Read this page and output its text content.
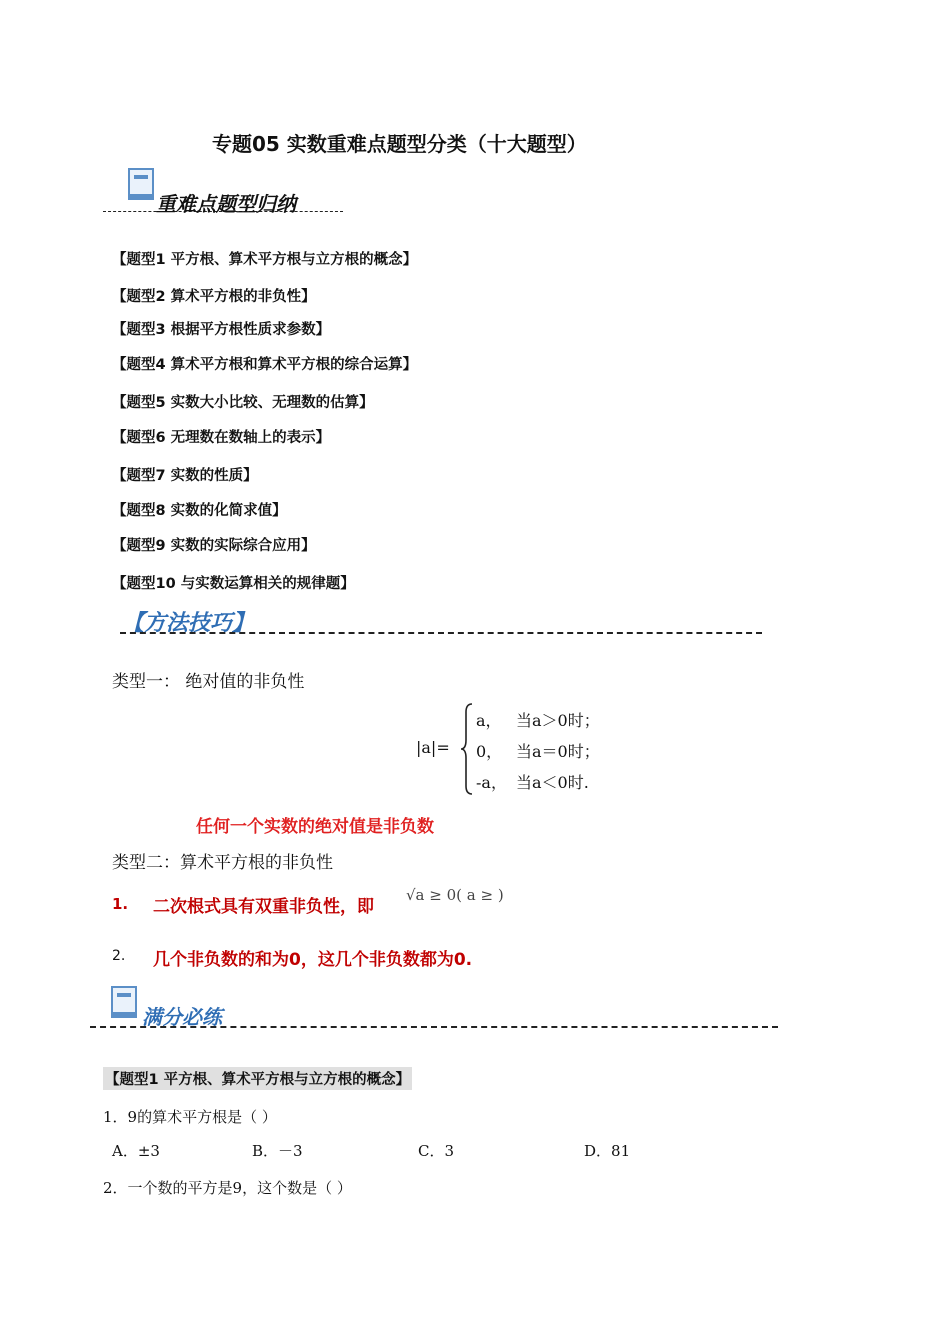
专题05 实数重难点题型分类（十大题型）
重难点题型归纳
【题型1 平方根、算术平方根与立方根的概念】
【题型2 算术平方根的非负性】
【题型3 根据平方根性质求参数】
【题型4 算术平方根和算术平方根的综合运算】
【题型5 实数大小比较、无理数的估算】
【题型6 无理数在数轴上的表示】
【题型7 实数的性质】
【题型8 实数的化简求值】
【题型9 实数的实际综合应用】
【题型10 与实数运算相关的规律题】
【方法技巧】
类型一： 绝对值的非负性
|a|=
a， 当a＞0时；
0， 当a＝0时；
-a， 当a＜0时.
任何一个实数的绝对值是非负数
类型二：算术平方根的非负性
1. 二次根式具有双重非负性，即
√a ≥ 0( a ≥ )
2. 几个非负数的和为0，这几个非负数都为0.
满分必练
【题型1 平方根、算术平方根与立方根的概念】
1．9的算术平方根是（ ）
A．±3	B．－3	C．3	D．81
2．一个数的平方是9，这个数是（ ）
